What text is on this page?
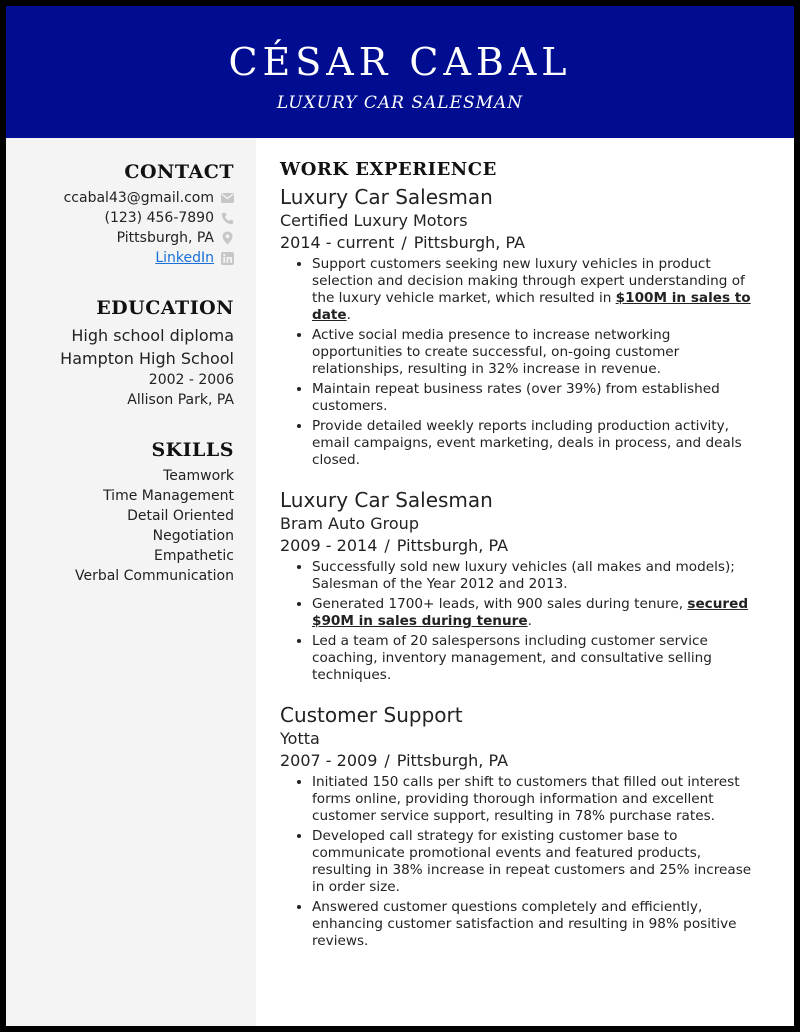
CÉSAR CABAL
LUXURY CAR SALESMAN
CONTACT
ccabal43@gmail.com
(123) 456-7890
Pittsburgh, PA
LinkedIn
EDUCATION
High school diploma
Hampton High School
2002 - 2006
Allison Park, PA
SKILLS
Teamwork
Time Management
Detail Oriented
Negotiation
Empathetic
Verbal Communication
WORK EXPERIENCE
Luxury Car Salesman
Certified Luxury Motors
2014 - current / Pittsburgh, PA
• Support customers seeking new luxury vehicles in product selection and decision making through expert understanding of the luxury vehicle market, which resulted in $100M in sales to date.
• Active social media presence to increase networking opportunities to create successful, on-going customer relationships, resulting in 32% increase in revenue.
• Maintain repeat business rates (over 39%) from established customers.
• Provide detailed weekly reports including production activity, email campaigns, event marketing, deals in process, and deals closed.
Luxury Car Salesman
Bram Auto Group
2009 - 2014 / Pittsburgh, PA
• Successfully sold new luxury vehicles (all makes and models); Salesman of the Year 2012 and 2013.
• Generated 1700+ leads, with 900 sales during tenure, secured $90M in sales during tenure.
• Led a team of 20 salespersons including customer service coaching, inventory management, and consultative selling techniques.
Customer Support
Yotta
2007 - 2009 / Pittsburgh, PA
• Initiated 150 calls per shift to customers that filled out interest forms online, providing thorough information and excellent customer service support, resulting in 78% purchase rates.
• Developed call strategy for existing customer base to communicate promotional events and featured products, resulting in 38% increase in repeat customers and 25% increase in order size.
• Answered customer questions completely and efficiently, enhancing customer satisfaction and resulting in 98% positive reviews.
